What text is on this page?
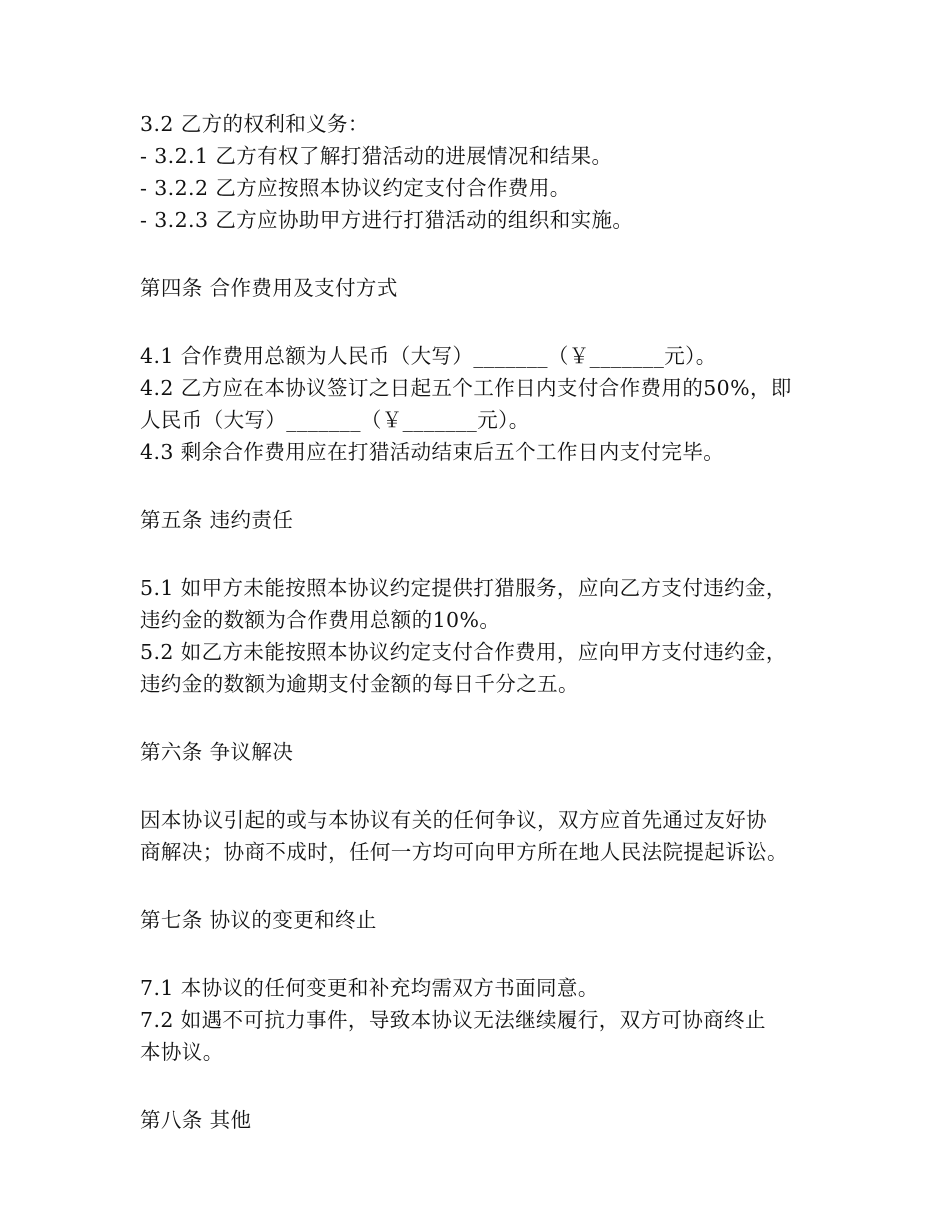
3.2 乙方的权利和义务：
- 3.2.1 乙方有权了解打猎活动的进展情况和结果。
- 3.2.2 乙方应按照本协议约定支付合作费用。
- 3.2.3 乙方应协助甲方进行打猎活动的组织和实施。
第四条 合作费用及支付方式
4.1 合作费用总额为人民币（大写）_______（￥_______元）。
4.2 乙方应在本协议签订之日起五个工作日内支付合作费用的50%，即
人民币（大写）_______（￥_______元）。
4.3 剩余合作费用应在打猎活动结束后五个工作日内支付完毕。
第五条 违约责任
5.1 如甲方未能按照本协议约定提供打猎服务，应向乙方支付违约金，
违约金的数额为合作费用总额的10%。
5.2 如乙方未能按照本协议约定支付合作费用，应向甲方支付违约金，
违约金的数额为逾期支付金额的每日千分之五。
第六条 争议解决
因本协议引起的或与本协议有关的任何争议，双方应首先通过友好协
商解决；协商不成时，任何一方均可向甲方所在地人民法院提起诉讼。
第七条 协议的变更和终止
7.1 本协议的任何变更和补充均需双方书面同意。
7.2 如遇不可抗力事件，导致本协议无法继续履行，双方可协商终止
本协议。
第八条 其他
